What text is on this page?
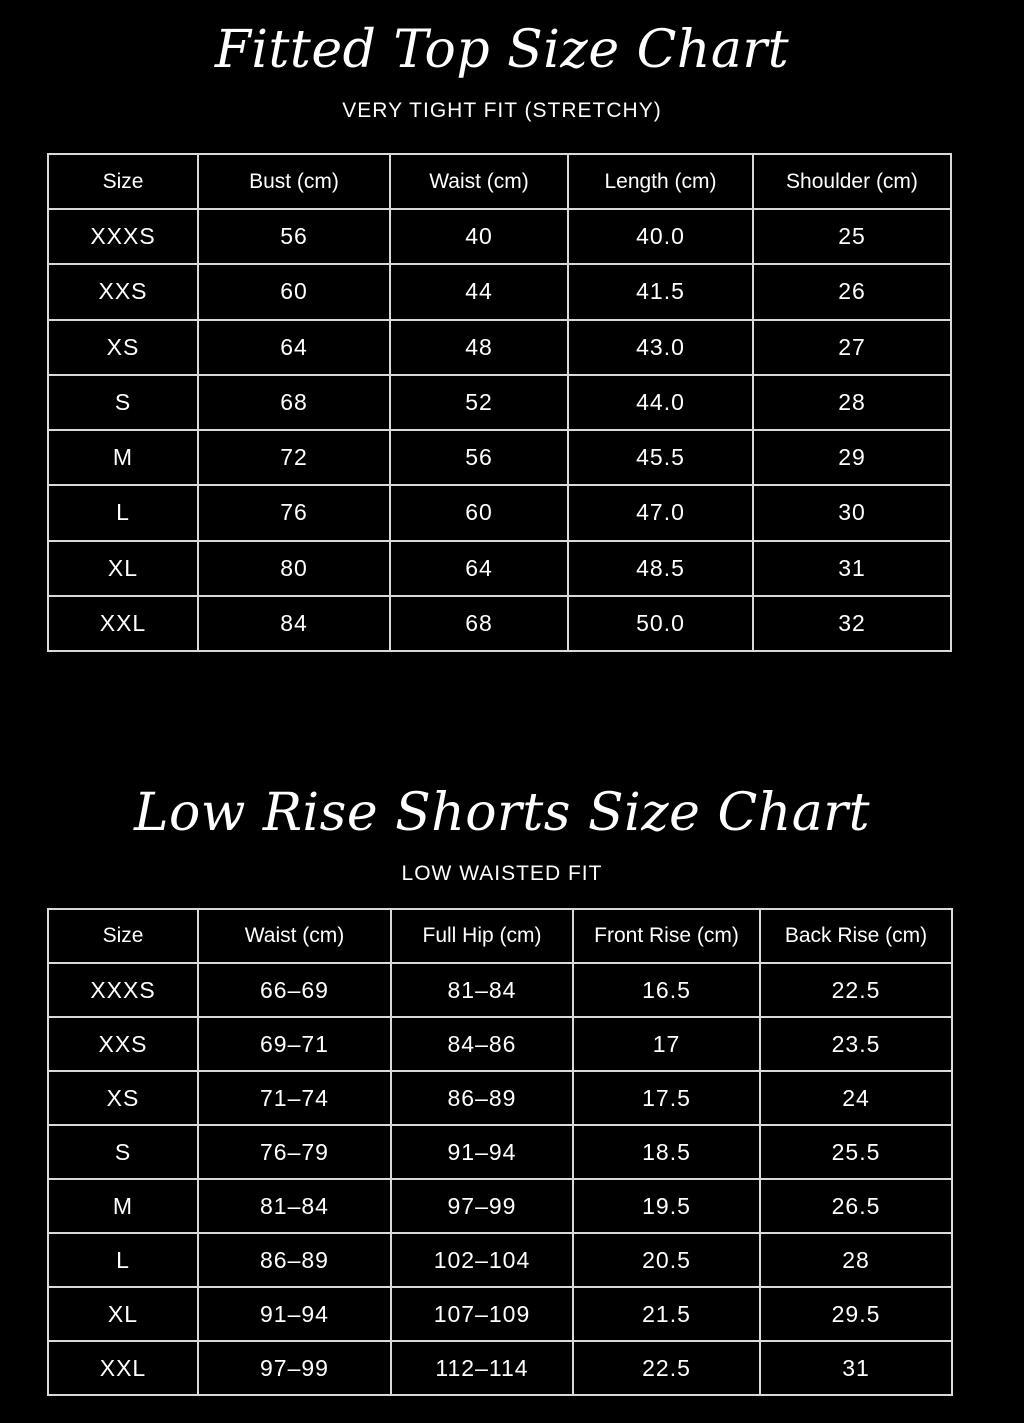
Fitted Top Size Chart
VERY TIGHT FIT (STRETCHY)
Size	Bust (cm)	Waist (cm)	Length (cm)	Shoulder (cm)
XXXS	56	40	40.0	25
XXS	60	44	41.5	26
XS	64	48	43.0	27
S	68	52	44.0	28
M	72	56	45.5	29
L	76	60	47.0	30
XL	80	64	48.5	31
XXL	84	68	50.0	32
Low Rise Shorts Size Chart
LOW WAISTED FIT
Size	Waist (cm)	Full Hip (cm)	Front Rise (cm)	Back Rise (cm)
XXXS	66–69	81–84	16.5	22.5
XXS	69–71	84–86	17	23.5
XS	71–74	86–89	17.5	24
S	76–79	91–94	18.5	25.5
M	81–84	97–99	19.5	26.5
L	86–89	102–104	20.5	28
XL	91–94	107–109	21.5	29.5
XXL	97–99	112–114	22.5	31
